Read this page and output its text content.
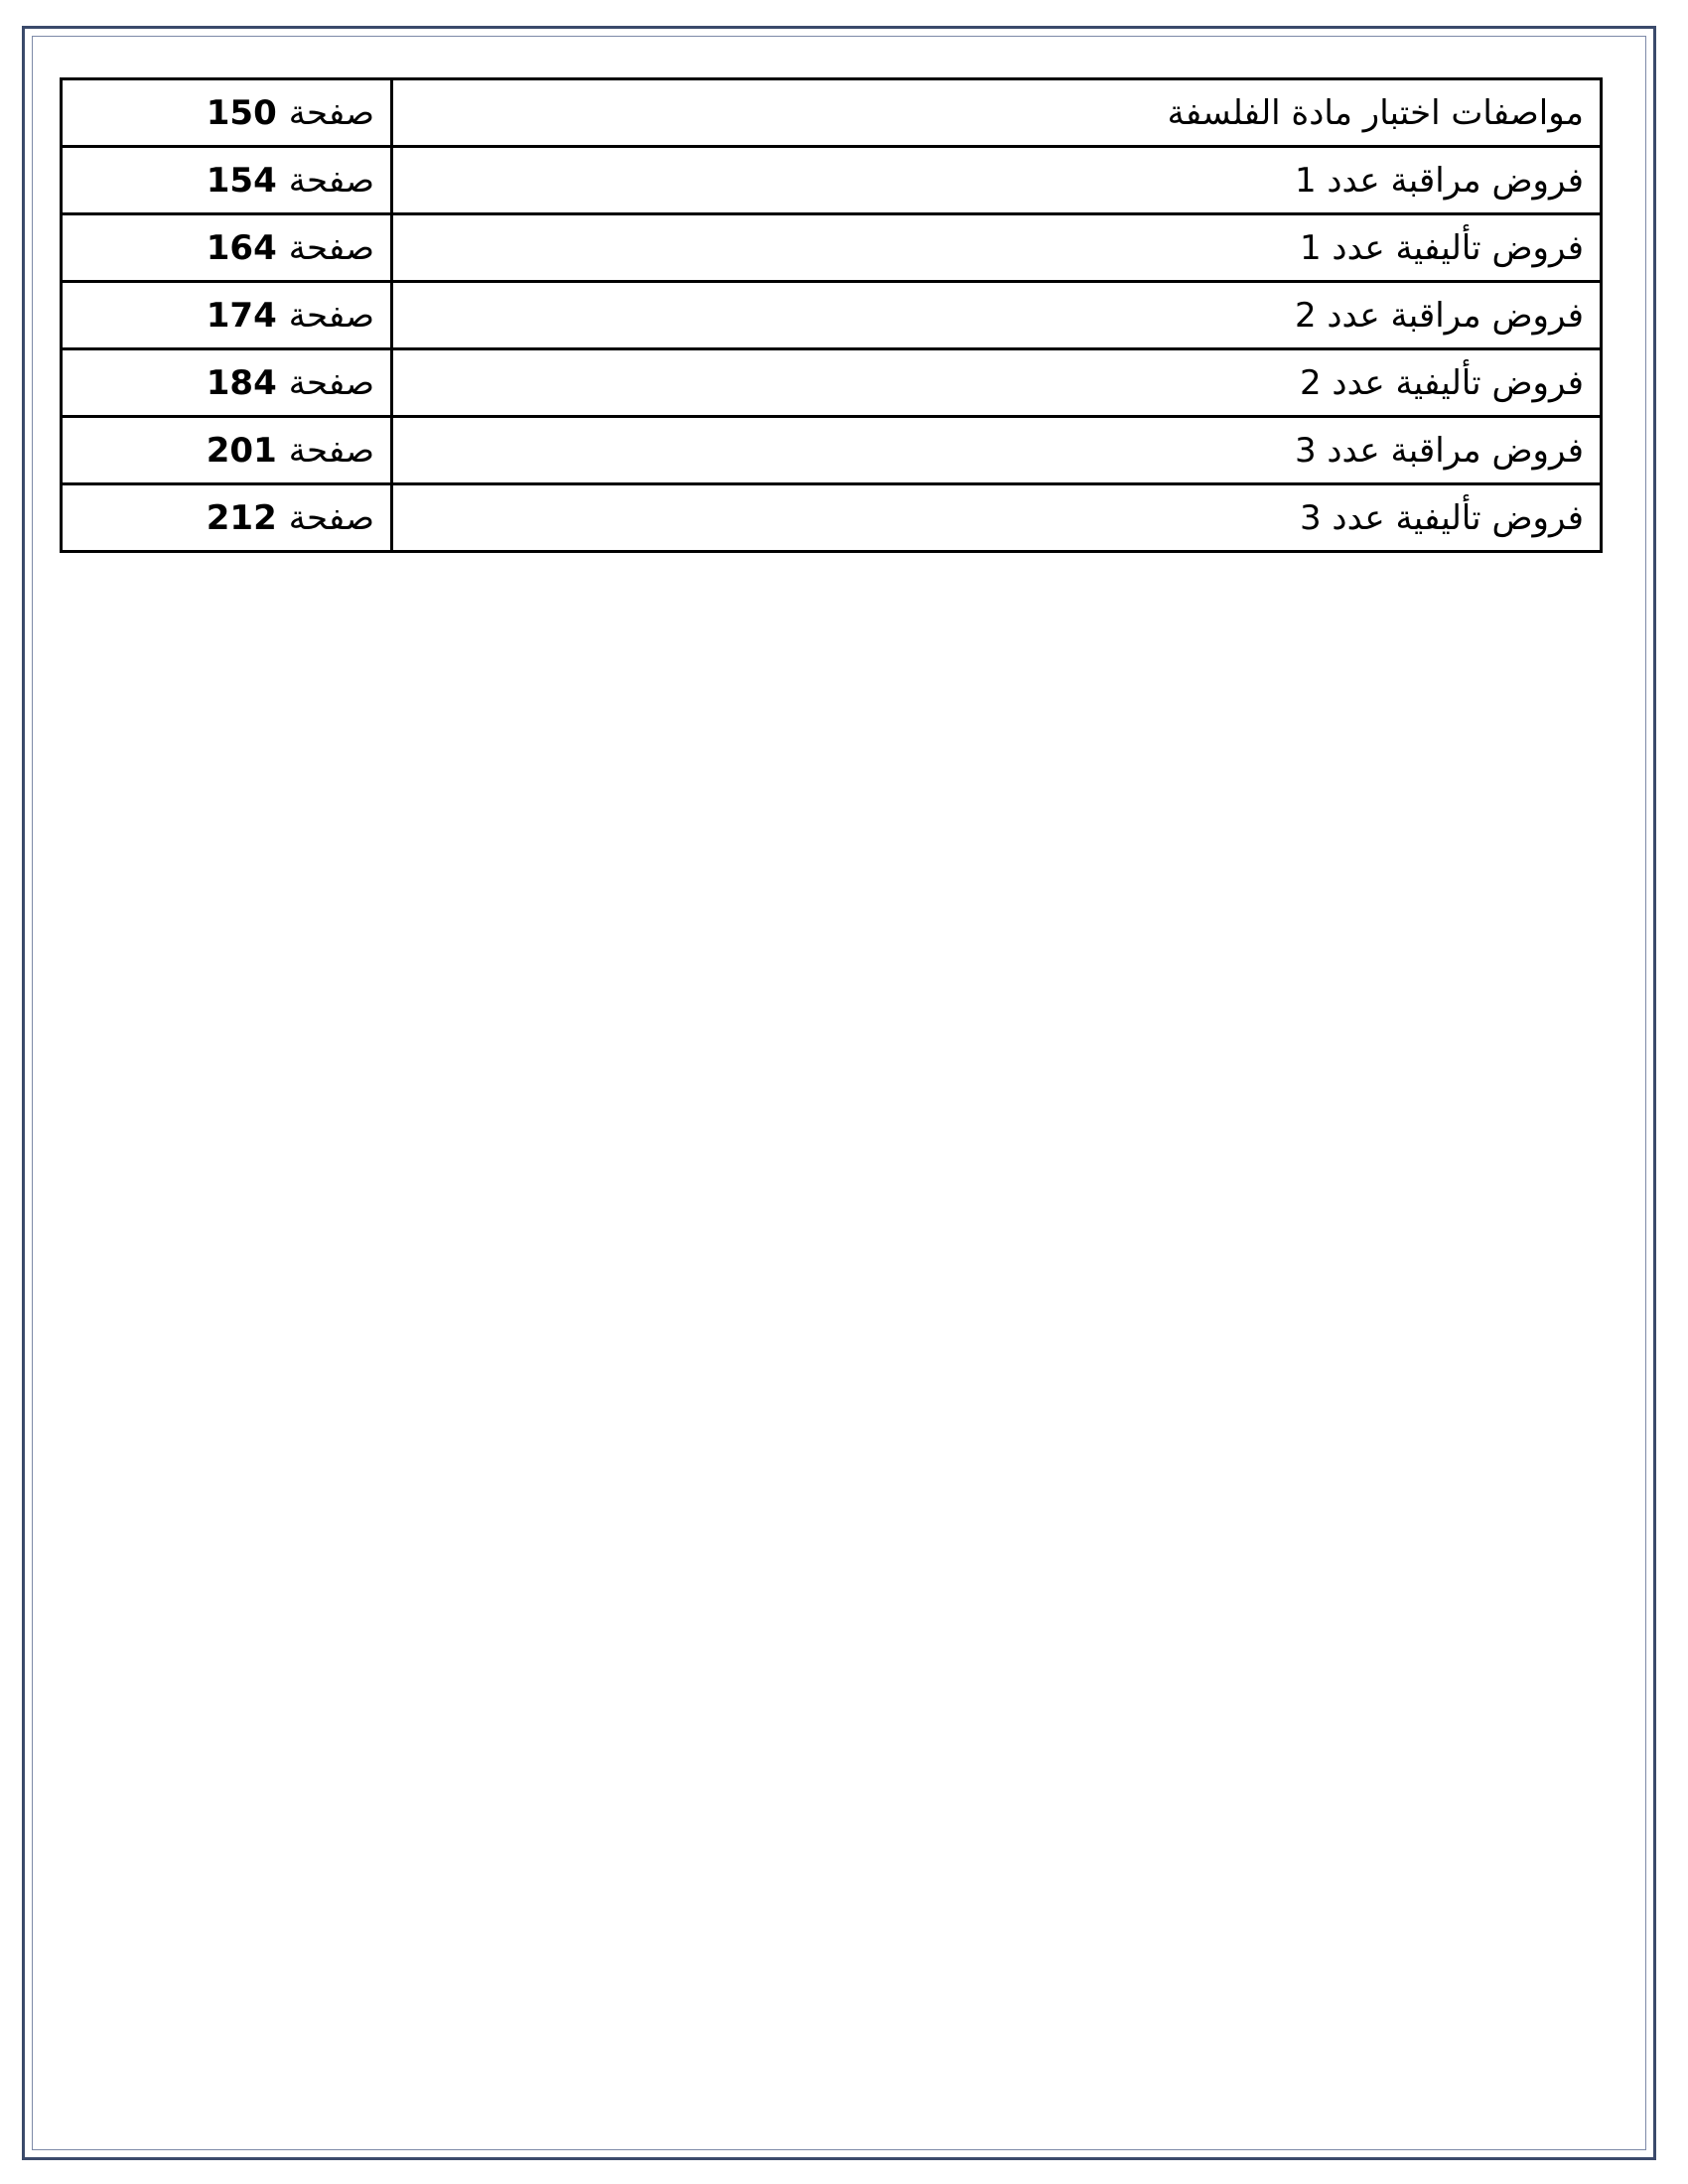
150 صفحة	مواصفات اختبار مادة الفلسفة
154 صفحة	فروض مراقبة عدد 1
164 صفحة	فروض تأليفية عدد 1
174 صفحة	فروض مراقبة عدد 2
184 صفحة	فروض تأليفية عدد 2
201 صفحة	فروض مراقبة عدد 3
212 صفحة	فروض تأليفية عدد 3
